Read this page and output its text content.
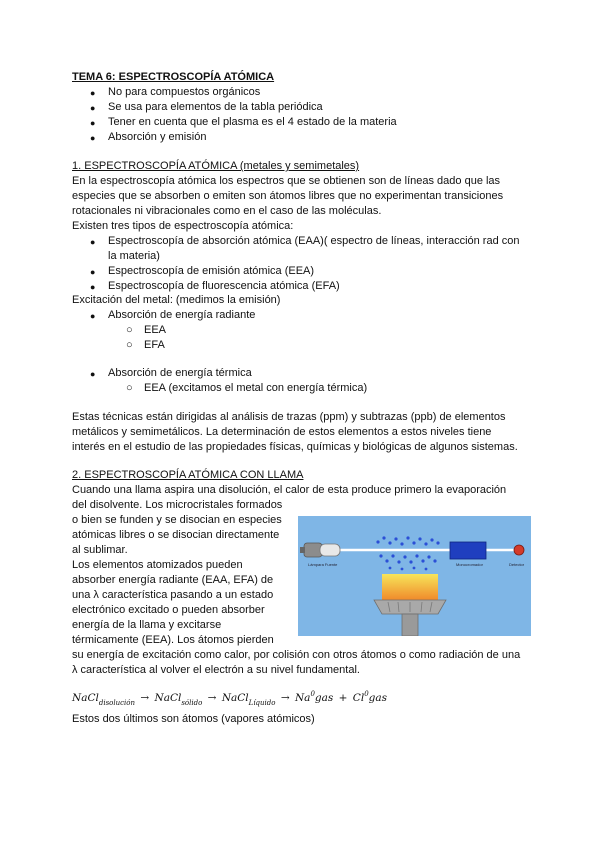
TEMA 6: ESPECTROSCOPÍA ATÓMICA
● No para compuestos orgánicos
● Se usa para elementos de la tabla periódica
● Tener en cuenta que el plasma es el 4 estado de la materia
● Absorción y emisión
1. ESPECTROSCOPÍA ATÓMICA (metales y semimetales)
En la espectroscopía atómica los espectros que se obtienen son de líneas dado que las
especies que se absorben o emiten son átomos libres que no experimentan transiciones
rotacionales ni vibracionales como en el caso de las moléculas.
Existen tres tipos de espectroscopía atómica:
● Espectroscopía de absorción atómica (EAA)( espectro de líneas, interacción rad con
la materia)
● Espectroscopía de emisión atómica (EEA)
● Espectroscopía de fluorescencia atómica (EFA)
Excitación del metal: (medimos la emisión)
● Absorción de energía radiante
○ EEA
○ EFA
● Absorción de energía térmica
○ EEA (excitamos el metal con energía térmica)
Estas técnicas están dirigidas al análisis de trazas (ppm) y subtrazas (ppb) de elementos
metálicos y semimetálicos. La determinación de estos elementos a estos niveles tiene
interés en el estudio de las propiedades físicas, químicas y biológicas de algunos sistemas.
2. ESPECTROSCOPÍA ATÓMICA CON LLAMA
Cuando una llama aspira una disolución, el calor de esta produce primero la evaporación
del disolvente. Los microcristales formados
o bien se funden y se disocian en especies
atómicas libres o se disocian directamente
al sublimar.
Los elementos atomizados pueden
absorber energía radiante (EAA, EFA) de
una λ característica pasando a un estado
electrónico excitado o pueden absorber
energía de la llama y excitarse
térmicamente (EEA). Los átomos pierden
su energía de excitación como calor, por colisión con otros átomos o como radiación de una
λ característica al volver el electrón a su nivel fundamental.
Lámpara Fuente	Monocromador	Detector
NaCl$_{disolución}$ → NaCl$_{sólido}$ → NaCl$_{Líquido}$ → $Na^0gas + Cl^0gas$
Estos dos últimos son átomos (vapores atómicos)
